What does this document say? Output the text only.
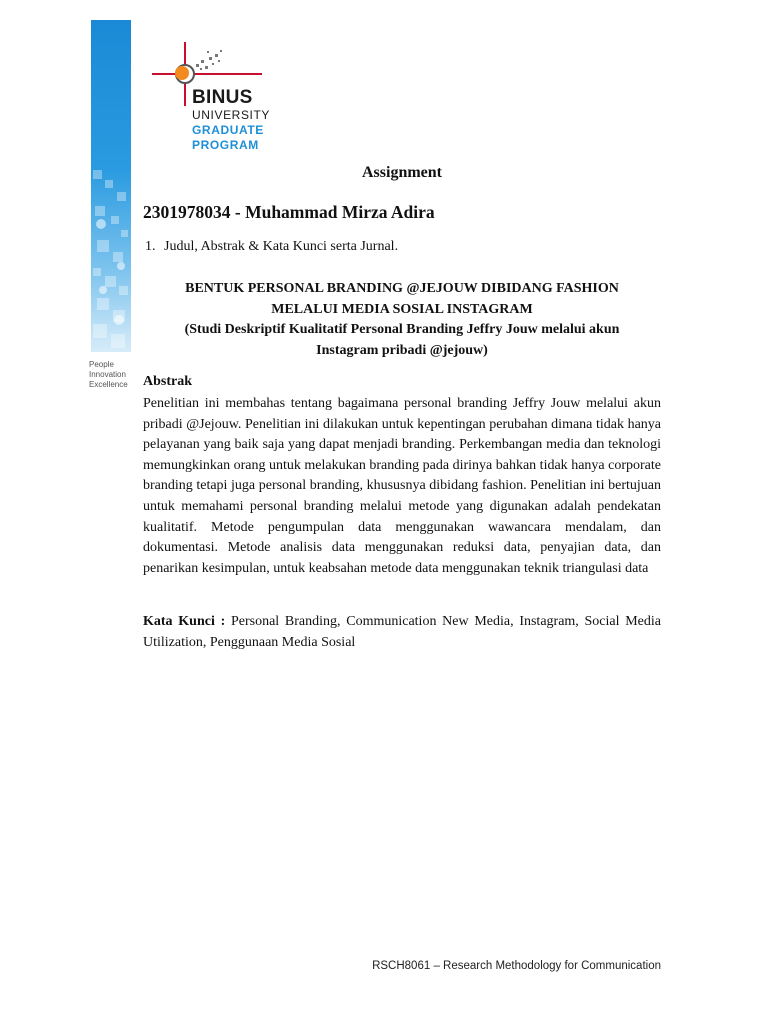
People
Innovation
Excellence
BINUS
UNIVERSITY
GRADUATE
PROGRAM
Assignment
2301978034 - Muhammad Mirza Adira
1. Judul, Abstrak & Kata Kunci serta Jurnal.
BENTUK PERSONAL BRANDING @JEJOUW DIBIDANG FASHION
MELALUI MEDIA SOSIAL INSTAGRAM
(Studi Deskriptif Kualitatif Personal Branding Jeffry Jouw melalui akun
Instagram pribadi @jejouw)
Abstrak
Penelitian ini membahas tentang bagaimana personal branding Jeffry Jouw melalui akun pribadi @Jejouw. Penelitian ini dilakukan untuk kepentingan perubahan dimana tidak hanya pelayanan yang baik saja yang dapat menjadi branding. Perkembangan media dan teknologi memungkinkan orang untuk melakukan branding pada dirinya bahkan tidak hanya corporate branding tetapi juga personal branding, khususnya dibidang fashion. Penelitian ini bertujuan untuk memahami personal branding melalui metode yang digunakan adalah pendekatan kualitatif. Metode pengumpulan data menggunakan wawancara mendalam, dan dokumentasi. Metode analisis data menggunakan reduksi data, penyajian data, dan penarikan kesimpulan, untuk keabsahan metode data menggunakan teknik triangulasi data
Kata Kunci : Personal Branding, Communication New Media, Instagram, Social Media Utilization, Penggunaan Media Sosial
RSCH8061 – Research Methodology for Communication
